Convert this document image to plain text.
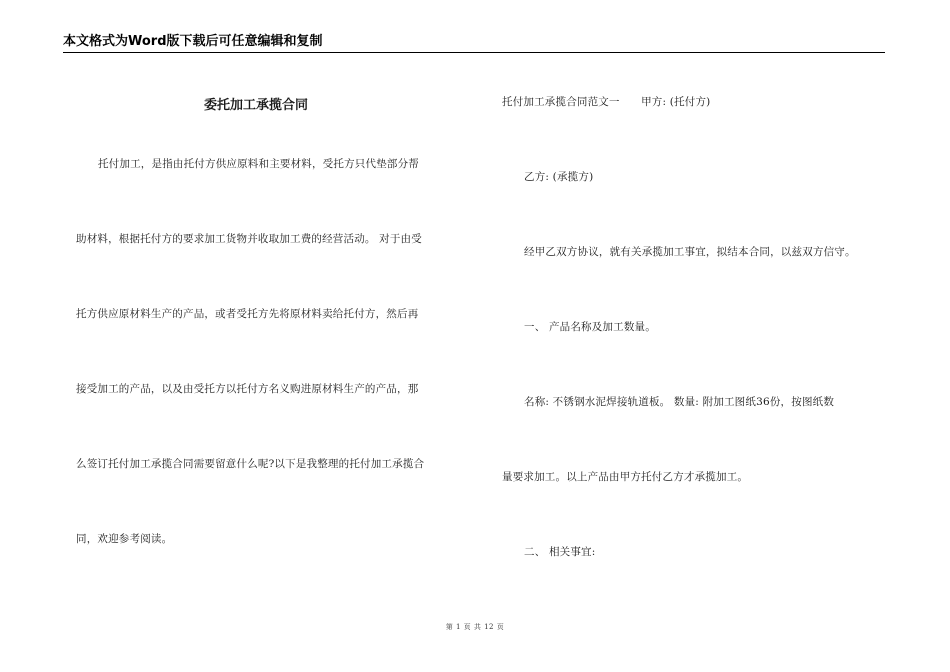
本文格式为Word版下载后可任意编辑和复制
委托加工承揽合同
托付加工，是指由托付方供应原料和主要材料，受托方只代垫部分帮
助材料，根据托付方的要求加工货物并收取加工费的经营活动。 对于由受
托方供应原材料生产的产品，或者受托方先将原材料卖给托付方，然后再
接受加工的产品，以及由受托方以托付方名义购进原材料生产的产品，那
么签订托付加工承揽合同需要留意什么呢?以下是我整理的托付加工承揽合
同，欢迎参考阅读。
托付加工承揽合同范文一　　甲方: (托付方)
乙方: (承揽方)
经甲乙双方协议，就有关承揽加工事宜，拟结本合同，以兹双方信守。
一、 产品名称及加工数量。
名称: 不锈钢水泥焊接轨道板。 数量: 附加工图纸36份，按图纸数
量要求加工。以上产品由甲方托付乙方才承揽加工。
二、 相关事宜:
第 1 页 共 12 页
